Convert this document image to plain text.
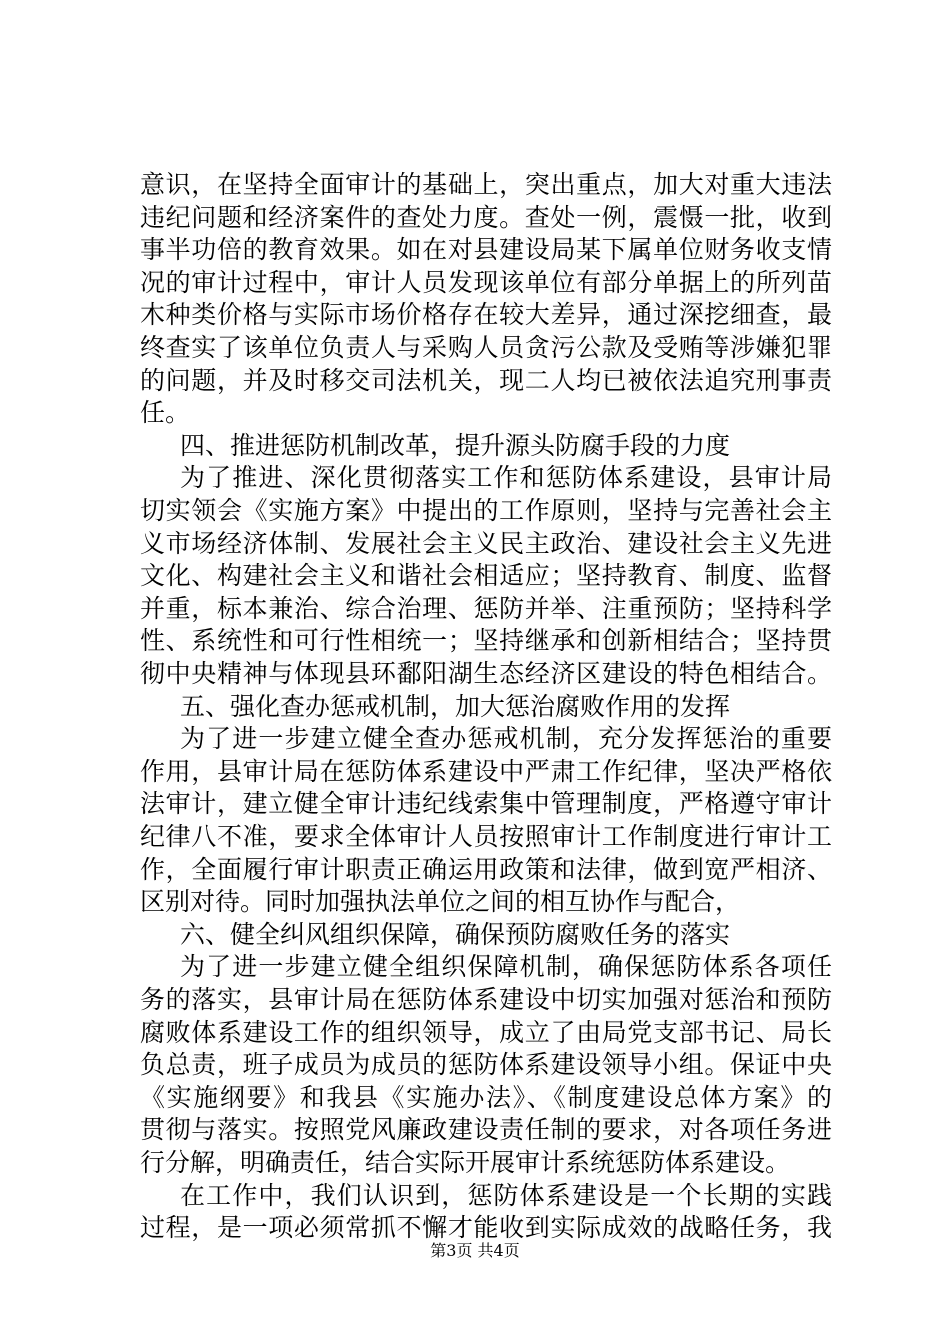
意识，在坚持全面审计的基础上，突出重点，加大对重大违法
违纪问题和经济案件的查处力度。查处一例，震慑一批，收到
事半功倍的教育效果。如在对县建设局某下属单位财务收支情
况的审计过程中，审计人员发现该单位有部分单据上的所列苗
木种类价格与实际市场价格存在较大差异，通过深挖细查，最
终查实了该单位负责人与采购人员贪污公款及受贿等涉嫌犯罪
的问题，并及时移交司法机关，现二人均已被依法追究刑事责
任。
四、推进惩防机制改革，提升源头防腐手段的力度
为了推进、深化贯彻落实工作和惩防体系建设，县审计局
切实领会《实施方案》中提出的工作原则，坚持与完善社会主
义市场经济体制、发展社会主义民主政治、建设社会主义先进
文化、构建社会主义和谐社会相适应；坚持教育、制度、监督
并重，标本兼治、综合治理、惩防并举、注重预防；坚持科学
性、系统性和可行性相统一；坚持继承和创新相结合；坚持贯
彻中央精神与体现县环鄱阳湖生态经济区建设的特色相结合。
五、强化查办惩戒机制，加大惩治腐败作用的发挥
为了进一步建立健全查办惩戒机制，充分发挥惩治的重要
作用，县审计局在惩防体系建设中严肃工作纪律，坚决严格依
法审计，建立健全审计违纪线索集中管理制度，严格遵守审计
纪律八不准，要求全体审计人员按照审计工作制度进行审计工
作，全面履行审计职责正确运用政策和法律，做到宽严相济、
区别对待。同时加强执法单位之间的相互协作与配合，
六、健全纠风组织保障，确保预防腐败任务的落实
为了进一步建立健全组织保障机制，确保惩防体系各项任
务的落实，县审计局在惩防体系建设中切实加强对惩治和预防
腐败体系建设工作的组织领导，成立了由局党支部书记、局长
负总责，班子成员为成员的惩防体系建设领导小组。保证中央
《实施纲要》和我县《实施办法》、《制度建设总体方案》的
贯彻与落实。按照党风廉政建设责任制的要求，对各项任务进
行分解，明确责任，结合实际开展审计系统惩防体系建设。
在工作中，我们认识到，惩防体系建设是一个长期的实践
过程，是一项必须常抓不懈才能收到实际成效的战略任务，我
第3页 共4页
